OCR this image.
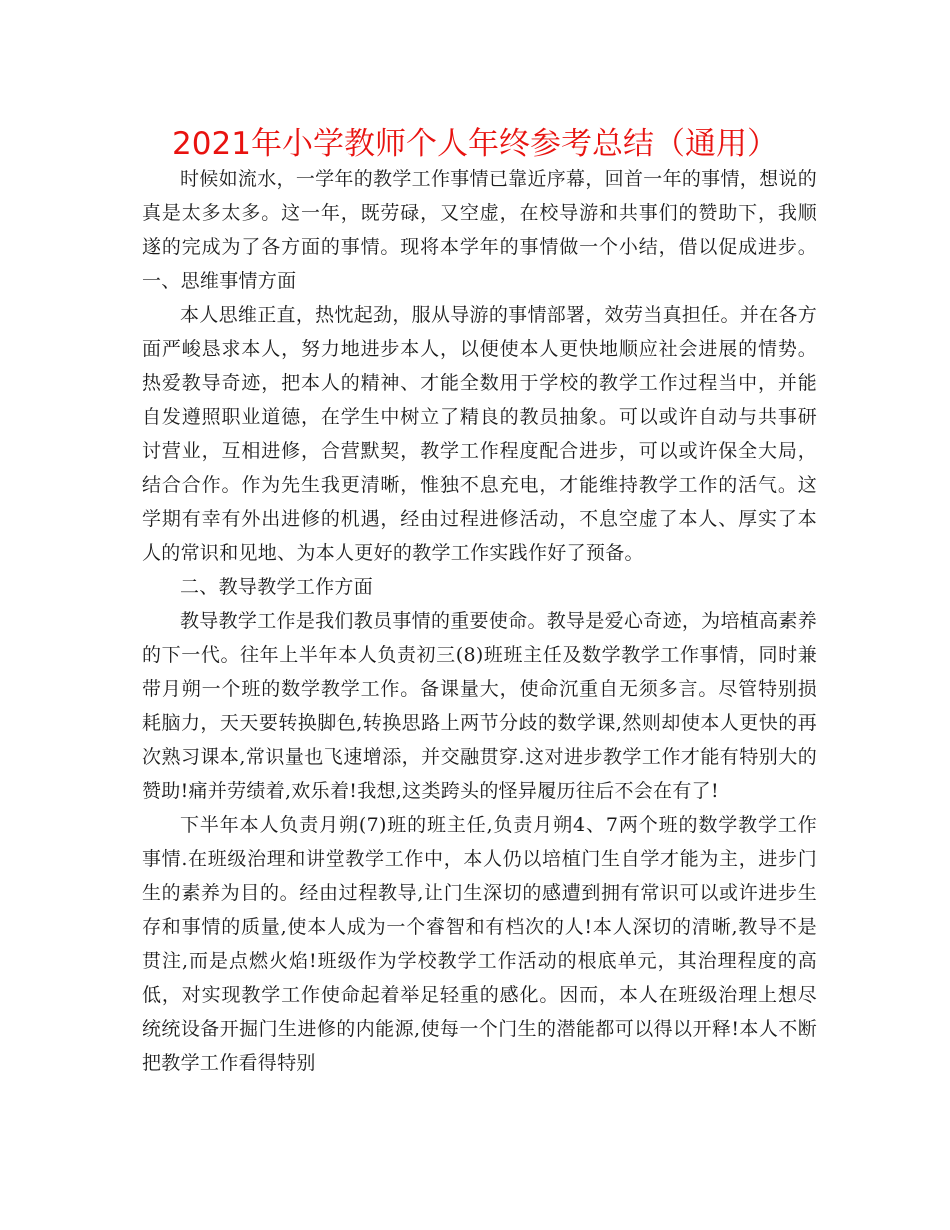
2021年小学教师个人年终参考总结（通用）

时候如流水，一学年的教学工作事情已靠近序幕，回首一年的事情，想说的真是太多太多。这一年，既劳碌，又空虚，在校导游和共事们的赞助下，我顺遂的完成为了各方面的事情。现将本学年的事情做一个小结，借以促成进步。一、思维事情方面

本人思维正直，热忱起劲，服从导游的事情部署，效劳当真担任。并在各方面严峻恳求本人，努力地进步本人，以便使本人更快地顺应社会进展的情势。热爱教导奇迹，把本人的精神、才能全数用于学校的教学工作过程当中，并能自发遵照职业道德，在学生中树立了精良的教员抽象。可以或许自动与共事研讨营业，互相进修，合营默契，教学工作程度配合进步，可以或许保全大局，结合合作。作为先生我更清晰，惟独不息充电，才能维持教学工作的活气。这学期有幸有外出进修的机遇，经由过程进修活动，不息空虚了本人、厚实了本人的常识和见地、为本人更好的教学工作实践作好了预备。

二、教导教学工作方面

教导教学工作是我们教员事情的重要使命。教导是爱心奇迹，为培植高素养的下一代。往年上半年本人负责初三(8)班班主任及数学教学工作事情，同时兼带月朔一个班的数学教学工作。备课量大，使命沉重自无须多言。尽管特别损耗脑力，天天要转换脚色,转换思路上两节分歧的数学课,然则却使本人更快的再次熟习课本,常识量也飞速增添，并交融贯穿.这对进步教学工作才能有特别大的赞助!痛并劳绩着,欢乐着!我想,这类跨头的怪异履历往后不会在有了!

下半年本人负责月朔(7)班的班主任,负责月朔4、7两个班的数学教学工作事情.在班级治理和讲堂教学工作中，本人仍以培植门生自学才能为主，进步门生的素养为目的。经由过程教导,让门生深切的感遭到拥有常识可以或许进步生存和事情的质量,使本人成为一个睿智和有档次的人!本人深切的清晰,教导不是贯注,而是点燃火焰!班级作为学校教学工作活动的根底单元，其治理程度的高低，对实现教学工作使命起着举足轻重的感化。因而，本人在班级治理上想尽统统设备开掘门生进修的内能源,使每一个门生的潜能都可以得以开释!本人不断把教学工作看得特别
